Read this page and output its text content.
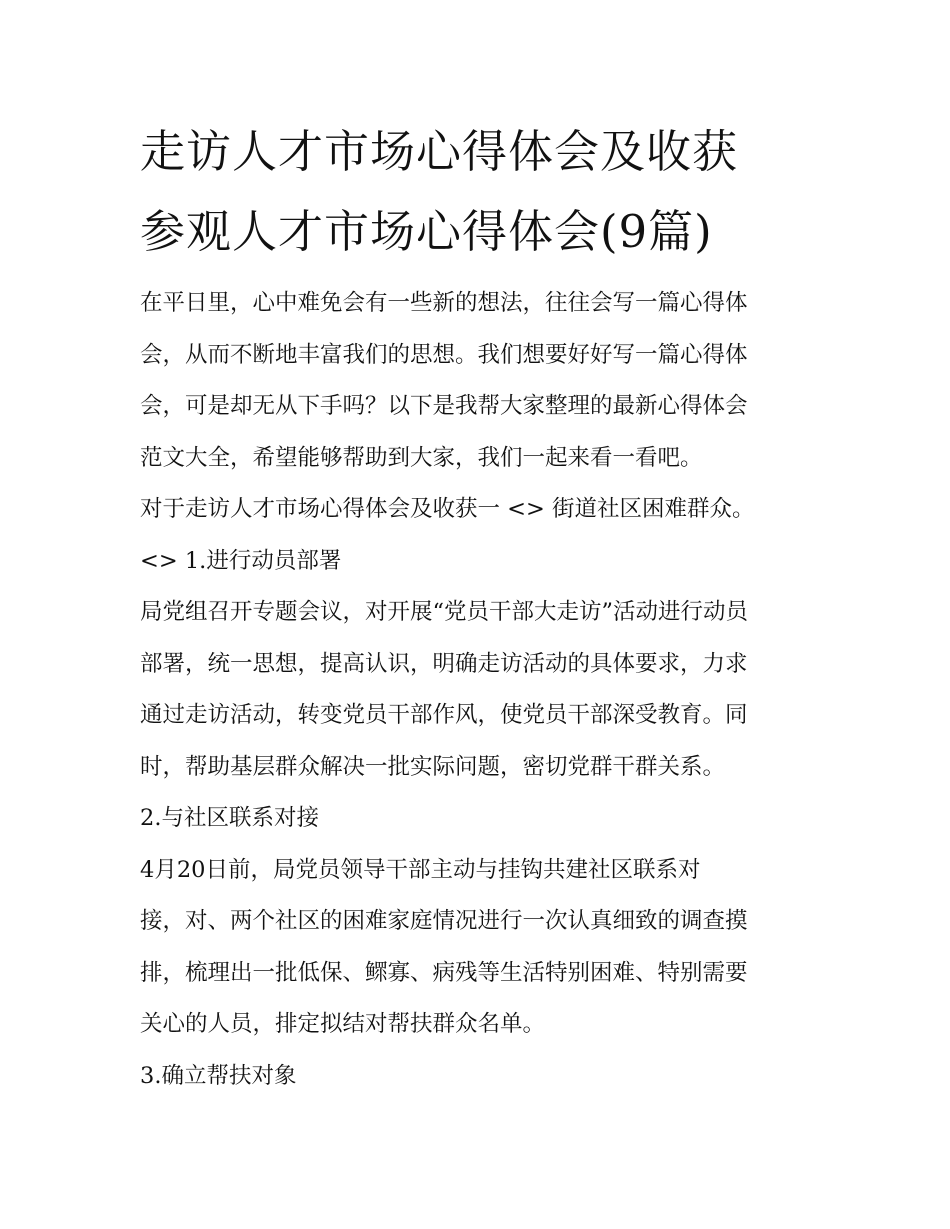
走访人才市场心得体会及收获
参观人才市场心得体会(9篇)

在平日里，心中难免会有一些新的想法，往往会写一篇心得体
会，从而不断地丰富我们的思想。我们想要好好写一篇心得体
会，可是却无从下手吗？以下是我帮大家整理的最新心得体会
范文大全，希望能够帮助到大家，我们一起来看一看吧。

对于走访人才市场心得体会及收获一 <> 街道社区困难群众。

<> 1.进行动员部署

局党组召开专题会议，对开展“党员干部大走访”活动进行动员
部署，统一思想，提高认识，明确走访活动的具体要求，力求
通过走访活动，转变党员干部作风，使党员干部深受教育。同
时，帮助基层群众解决一批实际问题，密切党群干群关系。

2.与社区联系对接

4月20日前，局党员领导干部主动与挂钩共建社区联系对
接，对、两个社区的困难家庭情况进行一次认真细致的调查摸
排，梳理出一批低保、鳏寡、病残等生活特别困难、特别需要
关心的人员，排定拟结对帮扶群众名单。

3.确立帮扶对象
